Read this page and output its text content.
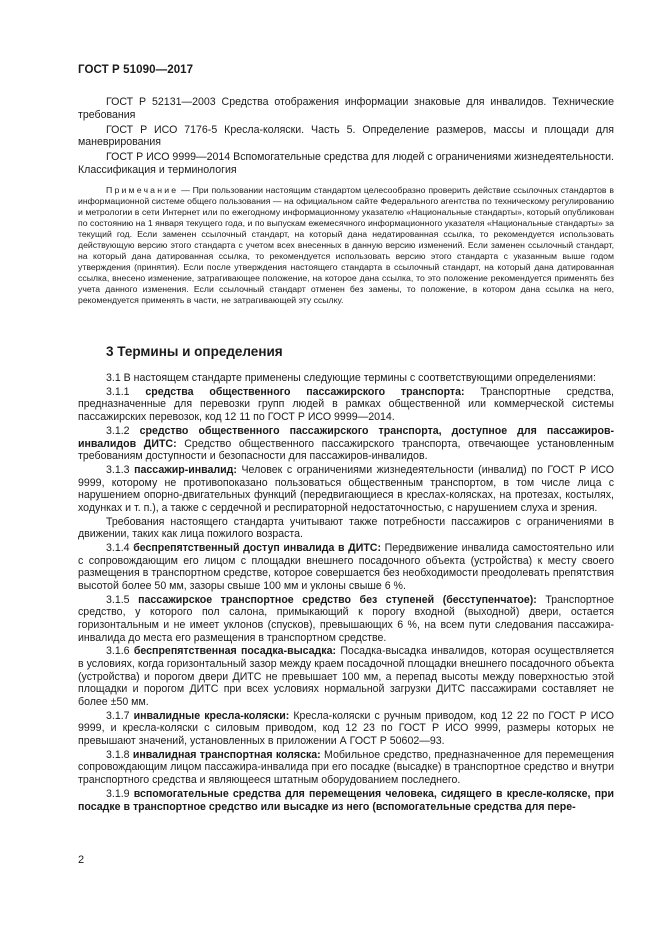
ГОСТ Р 51090—2017

ГОСТ Р 52131—2003 Средства отображения информации знаковые для инвалидов. Технические требования

ГОСТ Р ИСО 7176-5 Кресла-коляски. Часть 5. Определение размеров, массы и площади для маневрирования

ГОСТ Р ИСО 9999—2014 Вспомогательные средства для людей с ограничениями жизнедеятельности. Классификация и терминология

Примечание — При пользовании настоящим стандартом целесообразно проверить действие ссылочных стандартов в информационной системе общего пользования — на официальном сайте Федерального агентства по техническому регулированию и метрологии в сети Интернет или по ежегодному информационному указателю «Национальные стандарты», который опубликован по состоянию на 1 января текущего года, и по выпускам ежемесячного информационного указателя «Национальные стандарты» за текущий год. Если заменен ссылочный стандарт, на который дана недатированная ссылка, то рекомендуется использовать действующую версию этого стандарта с учетом всех внесенных в данную версию изменений. Если заменен ссылочный стандарт, на который дана датированная ссылка, то рекомендуется использовать версию этого стандарта с указанным выше годом утверждения (принятия). Если после утверждения настоящего стандарта в ссылочный стандарт, на который дана датированная ссылка, внесено изменение, затрагивающее положение, на которое дана ссылка, то это положение рекомендуется применять без учета данного изменения. Если ссылочный стандарт отменен без замены, то положение, в котором дана ссылка на него, рекомендуется применять в части, не затрагивающей эту ссылку.

3 Термины и определения

3.1 В настоящем стандарте применены следующие термины с соответствующими определениями:

3.1.1 средства общественного пассажирского транспорта: Транспортные средства, предназначенные для перевозки групп людей в рамках общественной или коммерческой системы пассажирских перевозок, код 12 11 по ГОСТ Р ИСО 9999—2014.

3.1.2 средство общественного пассажирского транспорта, доступное для пассажиров-инвалидов ДИТС: Средство общественного пассажирского транспорта, отвечающее установленным требованиям доступности и безопасности для пассажиров-инвалидов.

3.1.3 пассажир-инвалид: Человек с ограничениями жизнедеятельности (инвалид) по ГОСТ Р ИСО 9999, которому не противопоказано пользоваться общественным транспортом, в том числе лица с нарушением опорно-двигательных функций (передвигающиеся в креслах-колясках, на протезах, костылях, ходунках и т. п.), а также с сердечной и респираторной недостаточностью, с нарушением слуха и зрения.

Требования настоящего стандарта учитывают также потребности пассажиров с ограничениями в движении, таких как лица пожилого возраста.

3.1.4 беспрепятственный доступ инвалида в ДИТС: Передвижение инвалида самостоятельно или с сопровождающим его лицом с площадки внешнего посадочного объекта (устройства) к месту своего размещения в транспортном средстве, которое совершается без необходимости преодолевать препятствия высотой более 50 мм, зазоры свыше 100 мм и уклоны свыше 6 %.

3.1.5 пассажирское транспортное средство без ступеней (бесступенчатое): Транспортное средство, у которого пол салона, примыкающий к порогу входной (выходной) двери, остается горизонтальным и не имеет уклонов (спусков), превышающих 6 %, на всем пути следования пассажира-инвалида до места его размещения в транспортном средстве.

3.1.6 беспрепятственная посадка-высадка: Посадка-высадка инвалидов, которая осуществляется в условиях, когда горизонтальный зазор между краем посадочной площадки внешнего посадочного объекта (устройства) и порогом двери ДИТС не превышает 100 мм, а перепад высоты между поверхностью этой площадки и порогом ДИТС при всех условиях нормальной загрузки ДИТС пассажирами составляет не более ±50 мм.

3.1.7 инвалидные кресла-коляски: Кресла-коляски с ручным приводом, код 12 22 по ГОСТ Р ИСО 9999, и кресла-коляски с силовым приводом, код 12 23 по ГОСТ Р ИСО 9999, размеры которых не превышают значений, установленных в приложении А ГОСТ Р 50602—93.

3.1.8 инвалидная транспортная коляска: Мобильное средство, предназначенное для перемещения сопровождающим лицом пассажира-инвалида при его посадке (высадке) в транспортное средство и внутри транспортного средства и являющееся штатным оборудованием последнего.

3.1.9 вспомогательные средства для перемещения человека, сидящего в кресле-коляске, при посадке в транспортное средство или высадке из него (вспомогательные средства для пере-

2
